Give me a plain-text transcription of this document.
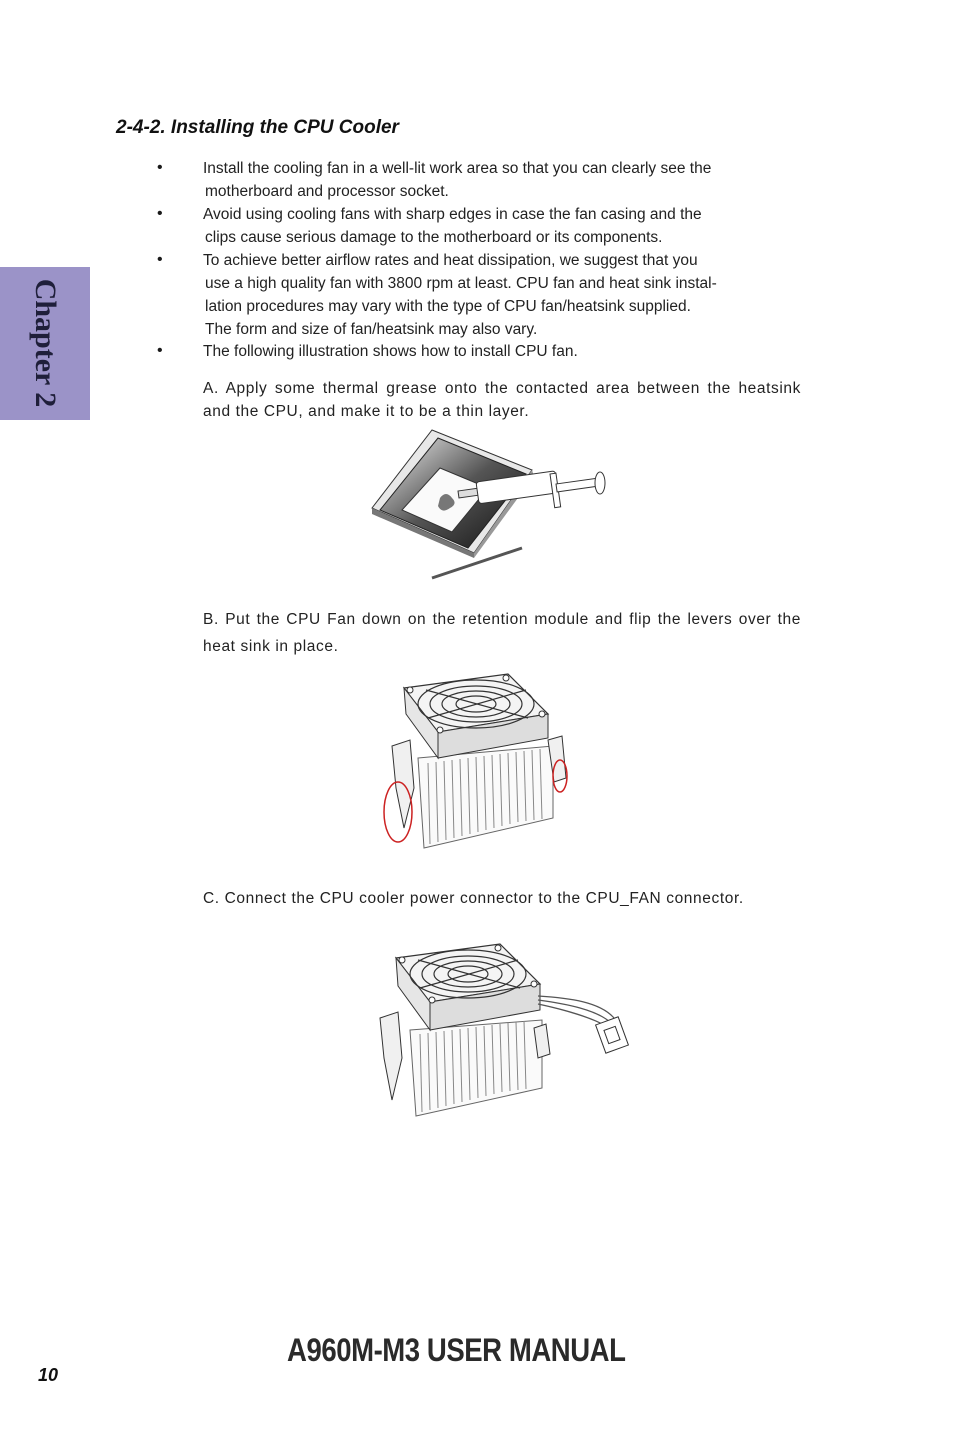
Chapter 2
2-4-2. Installing the CPU Cooler
•	Install the cooling fan in a well-lit work area so that you can clearly see the
motherboard and processor socket.
•	Avoid using cooling fans with sharp edges in case the fan casing and the
clips cause serious damage to the motherboard or its components.
•	To achieve better airflow rates and heat dissipation, we suggest that you
use a high quality fan with 3800 rpm at least. CPU fan and heat sink instal-
lation procedures may vary with the type of CPU fan/heatsink supplied.
The form and size of fan/heatsink may also vary.
•	The following illustration shows how to install CPU fan.
A. Apply some thermal grease onto the contacted area between the heatsink and the CPU, and make it to be a thin layer.
B. Put the CPU Fan down on the retention module and flip the levers over the heat sink in place.
C. Connect the CPU cooler power connector to the CPU_FAN connector.
10
A960M-M3 USER MANUAL
